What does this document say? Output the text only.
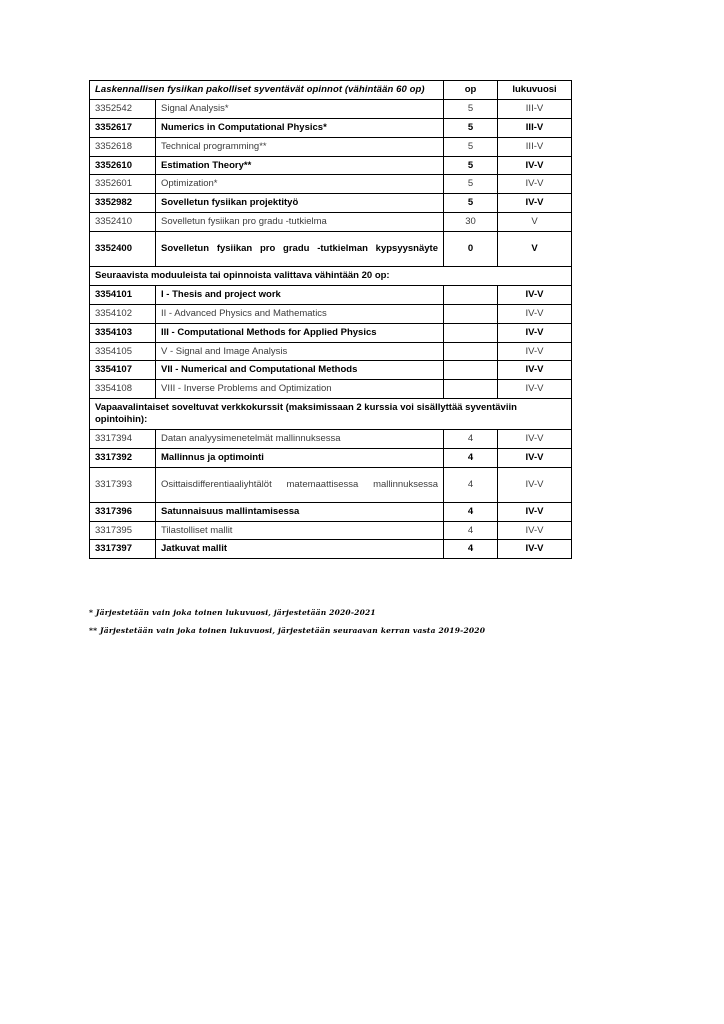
Laskennallisen fysiikan pakolliset syventävät opinnot (vähintään 60 op)		op	lukuvuosi
3352542	Signal Analysis*	5	III-V
3352617	Numerics in Computational Physics*	5	III-V
3352618	Technical programming**	5	III-V
3352610	Estimation Theory**	5	IV-V
3352601	Optimization*	5	IV-V
3352982	Sovelletun fysiikan projektityö	5	IV-V
3352410	Sovelletun fysiikan pro gradu -tutkielma	30	V
3352400	Sovelletun fysiikan pro gradu -tutkielman kypsyysnäyte	0	V
Seuraavista moduuleista tai opinnoista valittava vähintään 20 op:			
3354101	I - Thesis and project work		IV-V
3354102	II - Advanced Physics and Mathematics		IV-V
3354103	III - Computational Methods for Applied Physics		IV-V
3354105	V - Signal and Image Analysis		IV-V
3354107	VII - Numerical and Computational Methods		IV-V
3354108	VIII - Inverse Problems and Optimization		IV-V
Vapaavalintaiset soveltuvat verkkokurssit (maksimissaan 2 kurssia voi sisällyttää syventäviin opintoihin):			
3317394	Datan analyysimenetelmät mallinnuksessa	4	IV-V
3317392	Mallinnus ja optimointi	4	IV-V
3317393	Osittaisdifferentiaaliyhtälöt matemaattisessa mallinnuksessa	4	IV-V
3317396	Satunnaisuus mallintamisessa	4	IV-V
3317395	Tilastolliset mallit	4	IV-V
3317397	Jatkuvat mallit	4	IV-V
* Järjestetään vain joka toinen lukuvuosi, järjestetään 2020-2021
** Järjestetään vain joka toinen lukuvuosi, järjestetään seuraavan kerran vasta 2019-2020
